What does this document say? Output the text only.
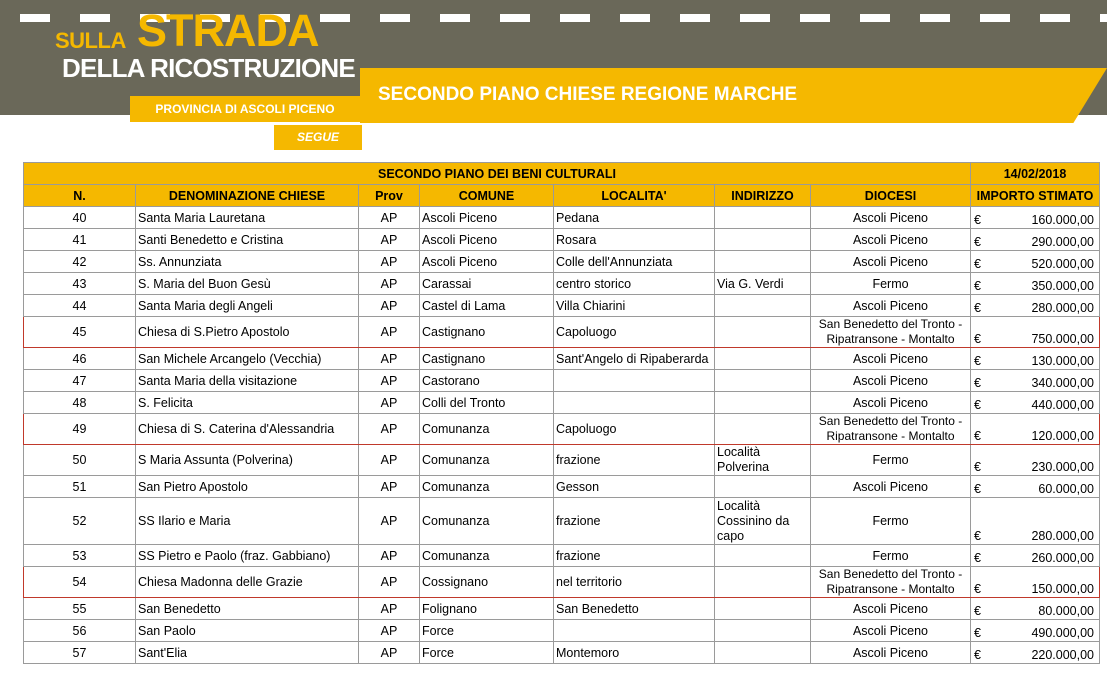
SULLA STRADA
DELLA RICOSTRUZIONE
SECONDO PIANO CHIESE REGIONE MARCHE
PROVINCIA DI ASCOLI PICENO
SEGUE
SECONDO PIANO DEI BENI CULTURALI							14/02/2018
N.	DENOMINAZIONE CHIESE	Prov	COMUNE	LOCALITA'	INDIRIZZO	DIOCESI	IMPORTO STIMATO
40	Santa Maria Lauretana	AP	Ascoli Piceno	Pedana		Ascoli Piceno	€ 160.000,00

41	Santi Benedetto e Cristina	AP	Ascoli Piceno	Rosara		Ascoli Piceno	€ 290.000,00

42	Ss. Annunziata	AP	Ascoli Piceno	Colle dell'Annunziata		Ascoli Piceno	€ 520.000,00

43	S. Maria del Buon Gesù	AP	Carassai	centro storico	Via G. Verdi	Fermo	€ 350.000,00

44	Santa Maria degli Angeli	AP	Castel di Lama	Villa Chiarini		Ascoli Piceno	€ 280.000,00

45	Chiesa di S.Pietro Apostolo	AP	Castignano	Capoluogo		San Benedetto del Tronto - Ripatransone - Montalto	€ 750.000,00

46	San Michele Arcangelo (Vecchia)	AP	Castignano	Sant'Angelo di Ripaberarda		Ascoli Piceno	€ 130.000,00

47	Santa Maria della visitazione	AP	Castorano			Ascoli Piceno	€ 340.000,00

48	S. Felicita	AP	Colli del Tronto			Ascoli Piceno	€ 440.000,00

49	Chiesa di S. Caterina d'Alessandria	AP	Comunanza	Capoluogo		San Benedetto del Tronto - Ripatransone - Montalto	€ 120.000,00

50	S Maria Assunta (Polverina)	AP	Comunanza	frazione	Località Polverina	Fermo	€ 230.000,00

51	San Pietro Apostolo	AP	Comunanza	Gesson		Ascoli Piceno	€ 60.000,00

52	SS Ilario e Maria	AP	Comunanza	frazione	Località Cossinino da capo	Fermo	€ 280.000,00

53	SS Pietro e Paolo (fraz. Gabbiano)	AP	Comunanza	frazione		Fermo	€ 260.000,00

54	Chiesa Madonna delle Grazie	AP	Cossignano	nel territorio		San Benedetto del Tronto - Ripatransone - Montalto	€ 150.000,00

55	San Benedetto	AP	Folignano	San Benedetto		Ascoli Piceno	€ 80.000,00

56	San Paolo	AP	Force			Ascoli Piceno	€ 490.000,00

57	Sant'Elia	AP	Force	Montemoro		Ascoli Piceno	€ 220.000,00
